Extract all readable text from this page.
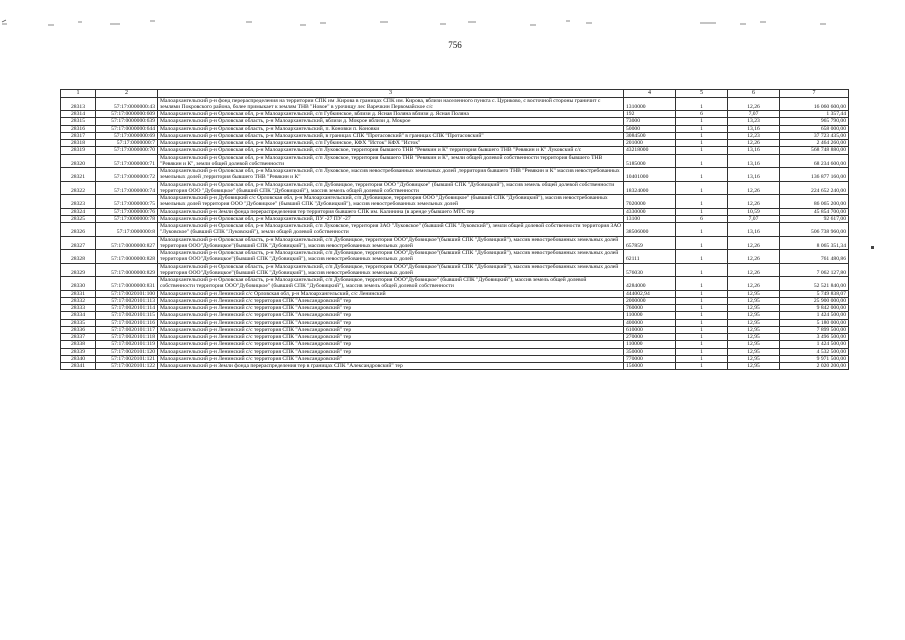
756
1	2	3	4	5	6	7
28313	57:17:0000000:43	Малоархангельский р-н фонд перераспределения на территории СПК им .Кирова в границах СПК им. Кирова, вблизи населенного пункта с. Цуриково, с восточной стороны граничит с землями Покровского района, более примыкает к землям ТНВ "Новое" в урочищу лес Варечкин Первомайское с/с	1310000	1	12,26	16 060 600,00
28314	57:17:0000000:609	Малоархангельский р-н Орловская обл, р-н Малоархангельский, с/п Губкинское, вблизи д. Ясная Поляна вблизи д. Ясная Поляна	192	6	7,07	1 357,44
28315	57:17:0000000:639	Малоархангельский р-н Орловская область, р-н Малоархангельский, вблизи д. Мокрое вблизи д. Мокрое	73000	1	13,23	965 790,00
28316	57:17:0000000:644	Малоархангельский р-н Орловская область, р-н Малоархангельский, п. Коновки п. Коновки	50000	1	13,16	658 000,00
28317	57:17:0000000:69	Малоархангельский р-н Орловская область, р-н Малоархангельский, в границах СПК "Протасовский" в границах СПК "Протасовский"	3084500	1	12,23	37 723 435,00
28318	57:17:0000000:7	Малоархангельский р-н Орловская обл, р-н Малоархангельский, с/п Губкинское, КФХ "Исток" КФХ "Исток"	201000	1	12,26	2 464 260,00
28319	57:17:0000000:70	Малоархангельский р-н Орловская обл, р-н Малоархангельский, с/п Луковское, территория бывшего ТНВ "Ревякин и К" территория бывшего ТНВ "Ревякин и К" Луковский с/с	43218000	1	13,16	568 748 880,00
28320	57:17:0000000:71	Малоархангельский р-н Орловская обл, р-н Малоархангельский, с/п Луковское, территория бывшего ТНВ "Ревякин и К", земли общей долевой собственности территория бывшего ТНВ "Ревякин и К", земли общей долевой собственности	5185000	1	13,16	68 234 600,00
28321	57:17:0000000:72	Малоархангельский р-н Орловская обл, р-н Малоархангельский, с/п Луковское, массив невостребованных земельных долей ,территория бывшего ТНВ "Ревякин и К" массив невостребованных земельных долей ,территория бывшего ТНВ "Ревякин и К"	10401000	1	13,16	136 877 160,00
28322	57:17:0000000:74	Малоархангельский р-н Орловская обл, р-н Малоархангельский, с/п Дубовицкое, территория ООО "Дубовицкое" (бывший СПК "Дубовицкий"), массив земель общей долевой собственности территория ООО "Дубовицкое" (бывший СПК "Дубовицкий"), массив земель общей долевой собственности	18324000	1	12,26	224 652 240,00
28323	57:17:0000000:75	Малоархангельский р-н Дубовицкий с/с Орловская обл, р-н Малоархангельский, с/п Дубовицкое, территория ООО "Дубовицкое" (бывший СПК "Дубовицкий"), массив невостребованных земельных долей территория ООО "Дубовицкое" (бывший СПК "Дубовицкий"), массив невостребованных земельных долей	7020000	1	12,26	86 065 200,00
28324	57:17:0000000:76	Малоархангельский р-н Земли фонда перераспределения тер территория бывшего СПК им. Калинина (в аренде убывшего МТС тер	4330000	1	10,59	45 854 700,00
28325	57:17:0000000:78	Малоархангельский р-н Орловская обл, р-н Малоархангельский, ПУ -27 ПУ -27	13100	6	7,07	92 617,00
28326	57:17:0000000:8	Малоархангельский р-н Орловская обл, р-н Малоархангельский, с/п Луковское, территория ЗАО "Луковское" (бывший СПК "Луковский"), земли общей долевой собственности территория ЗАО "Луковское" (бывший СПК "Луковский"), земли общей долевой собственности	38506000	1	13,16	506 738 960,00
28327	57:17:0000000:827	Малоархангельский р-н Орловская область, р-н Малоархангельский, с/п Дубовицкое, территория ООО"Дубовицкое"(бывший СПК "Дубовицкий"), массив невостребованных земельных долей территория ООО"Дубовицкое"(бывший СПК "Дубовицкий"), массив невостребованных земельных долей	657859	1	12,26	8 065 351,34
28328	57:17:0000000:828	Малоархангельский р-н Орловская область, р-н Малоархангельский, с/п Дубовицкое, территория ООО"Дубовицкое"(бывший СПК "Дубовицкий"), массив невостребованных земельных долей территория ООО"Дубовицкое"(бывший СПК "Дубовицкий"), массив невостребованных земельных долей	62111	1	12,26	761 480,86
28329	57:17:0000000:829	Малоархангельский р-н Орловская область, р-н Малоархангельский, с/п Дубовицкое, территория ООО"Дубовицкое"(бывший СПК "Дубовицкий"), массив невостребованных земельных долей территория ООО"Дубовицкое"(бывший СПК "Дубовицкий"), массив невостребованных земельных долей	576030	1	12,26	7 062 127,80
28330	57:17:0000000:831	Малоархангельский р-н Орловская область, р-н Малоархангельский, с/п Дубовицкое, территория ООО"Дубовицкое" (бывший СПК "Дубовицкий"), массив земель общей долевой собственности территория ООО"Дубовицкое" (бывший СПК "Дубовицкий"), массив земель общей долевой собственности	4284000	1	12,26	52 521 840,00
28331	57:17:0020101:100	Малоархангельский р-н Ленинский с/с Орловская обл, р-н Малоархангельский, с/с Ленинский	444002,94	1	12,95	5 749 838,07
28332	57:17:0020101:113	Малоархангельский р-н Ленинский с/с территория СПК "Александровский" тер	2000000	1	12,95	25 900 000,00
28333	57:17:0020101:114	Малоархангельский р-н Ленинский с/с территория СПК "Александровский" тер	760000	1	12,95	9 842 000,00
28334	57:17:0020101:115	Малоархангельский р-н Ленинский с/с территория СПК "Александровский" тер	110000	1	12,95	1 424 500,00
28335	57:17:0020101:116	Малоархангельский р-н Ленинский с/с территория СПК "Александровский" тер	400000	1	12,95	5 180 000,00
28336	57:17:0020101:117	Малоархангельский р-н Ленинский с/с территория СПК "Александровский" тер	610000	1	12,95	7 899 500,00
28337	57:17:0020101:118	Малоархангельский р-н Ленинский с/с территория СПК "Александровский" тер	270000	1	12,95	3 496 500,00
28338	57:17:0020101:119	Малоархангельский р-н Ленинский с/с территория СПК "Александровский" тер	110000	1	12,95	1 424 500,00
28339	57:17:0020101:120	Малоархангельский р-н Ленинский с/с территория СПК "Александровский" тер	350000	1	12,95	4 532 500,00
28340	57:17:0020101:121	Малоархангельский р-н Ленинский с/с территория СПК "Александровский"	770000	1	12,95	9 971 500,00
28341	57:17:0020101:122	Малоархангельский р-н Земли фонда перераспределения тер в границах СПК "Александровский" тер	156000	1	12,95	2 020 200,00
